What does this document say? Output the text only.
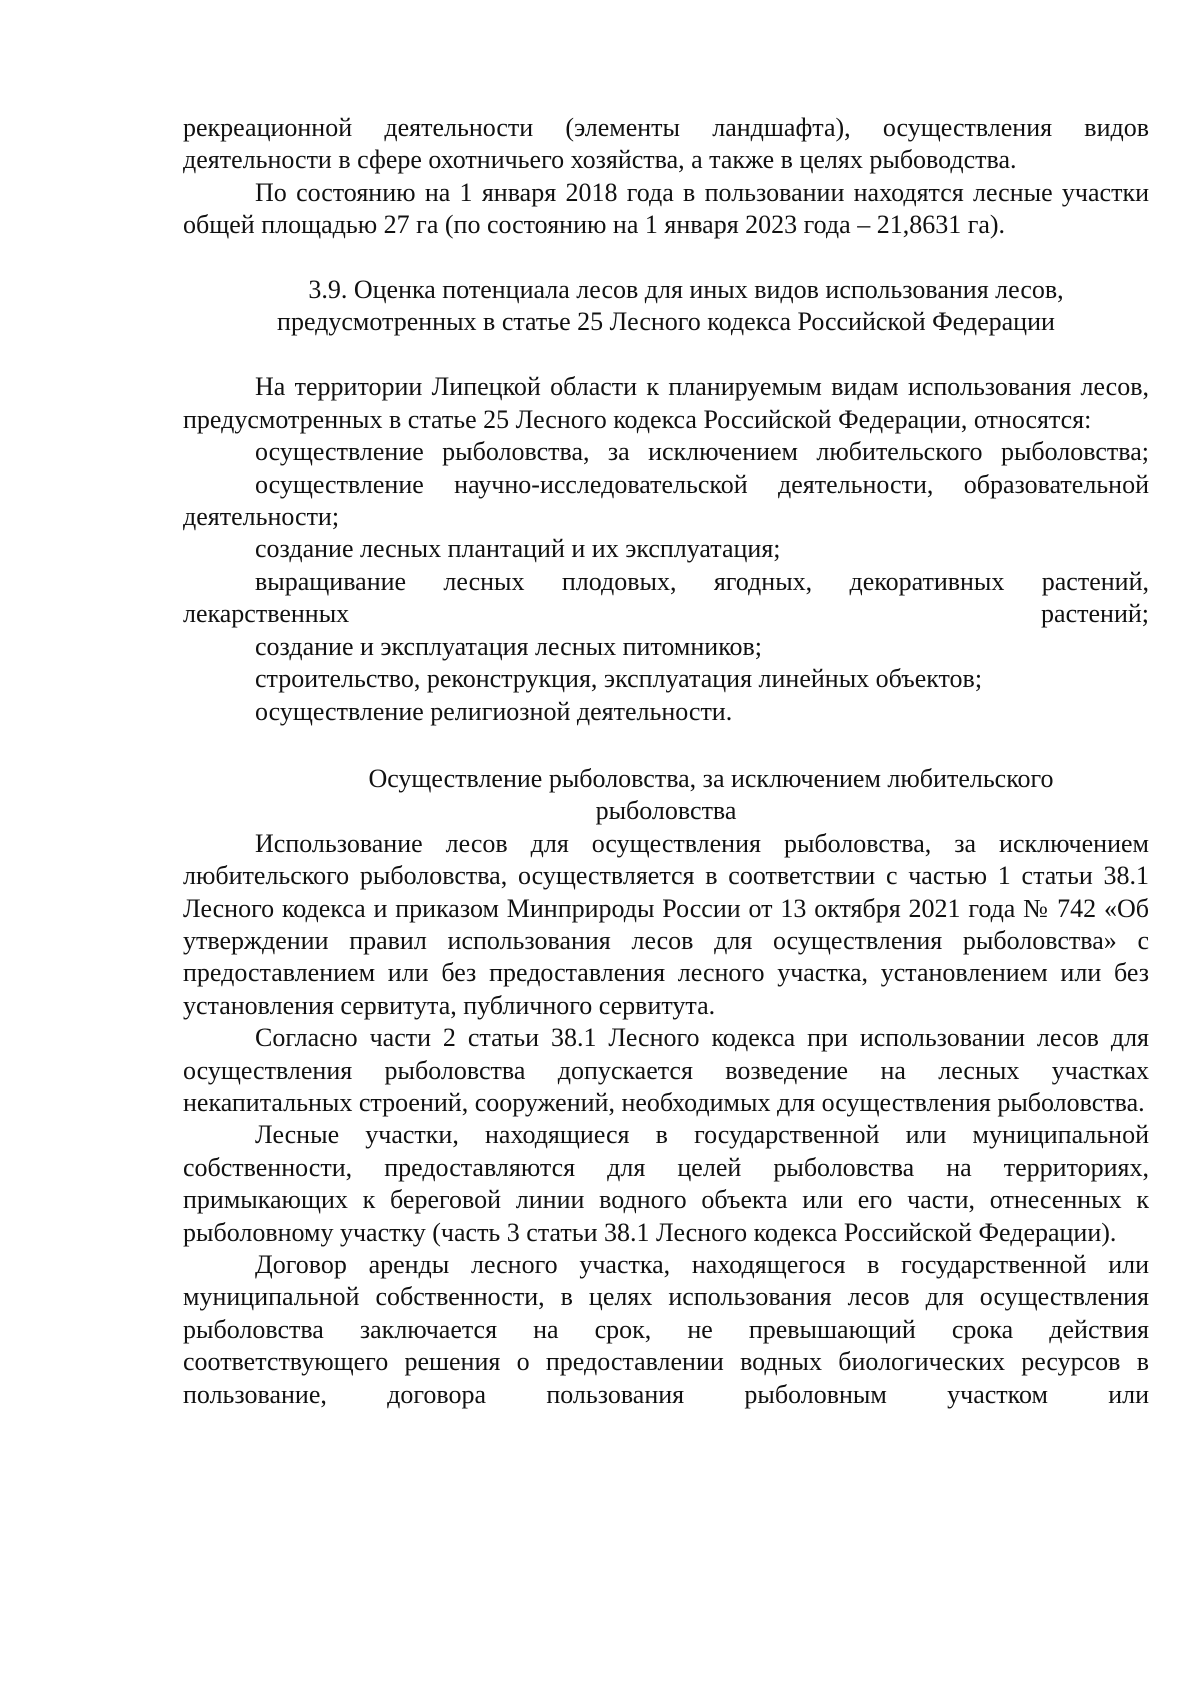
рекреационной деятельности (элементы ландшафта), осуществления видов деятельности в сфере охотничьего хозяйства, а также в целях рыбоводства.

По состоянию на 1 января 2018 года в пользовании находятся лесные участки общей площадью 27 га (по состоянию на 1 января 2023 года – 21,8631 га).

3.9. Оценка потенциала лесов для иных видов использования лесов,

предусмотренных в статье 25 Лесного кодекса Российской Федерации

На территории Липецкой области к планируемым видам использования лесов, предусмотренных в статье 25 Лесного кодекса Российской Федерации, относятся:

осуществление рыболовства, за исключением любительского рыболовства;

осуществление научно-исследовательской деятельности, образовательной деятельности;

создание лесных плантаций и их эксплуатация;

выращивание лесных плодовых, ягодных, декоративных растений, лекарственных растений;

создание и эксплуатация лесных питомников;

строительство, реконструкция, эксплуатация линейных объектов;

осуществление религиозной деятельности.

Осуществление рыболовства, за исключением любительского

рыболовства

Использование лесов для осуществления рыболовства, за исключением любительского рыболовства, осуществляется в соответствии с частью 1 статьи 38.1 Лесного кодекса и приказом Минприроды России от 13 октября 2021 года № 742 «Об утверждении правил использования лесов для осуществления рыболовства» с предоставлением или без предоставления лесного участка, установлением или без установления сервитута, публичного сервитута.

Согласно части 2 статьи 38.1 Лесного кодекса при использовании лесов для осуществления рыболовства допускается возведение на лесных участках некапитальных строений, сооружений, необходимых для осуществления рыболовства.

Лесные участки, находящиеся в государственной или муниципальной собственности, предоставляются для целей рыболовства на территориях, примыкающих к береговой линии водного объекта или его части, отнесенных к рыболовному участку (часть 3 статьи 38.1 Лесного кодекса Российской Федерации).

Договор аренды лесного участка, находящегося в государственной или муниципальной собственности, в целях использования лесов для осуществления рыболовства заключается на срок, не превышающий срока действия соответствующего решения о предоставлении водных биологических ресурсов в пользование, договора пользования рыболовным участком или
